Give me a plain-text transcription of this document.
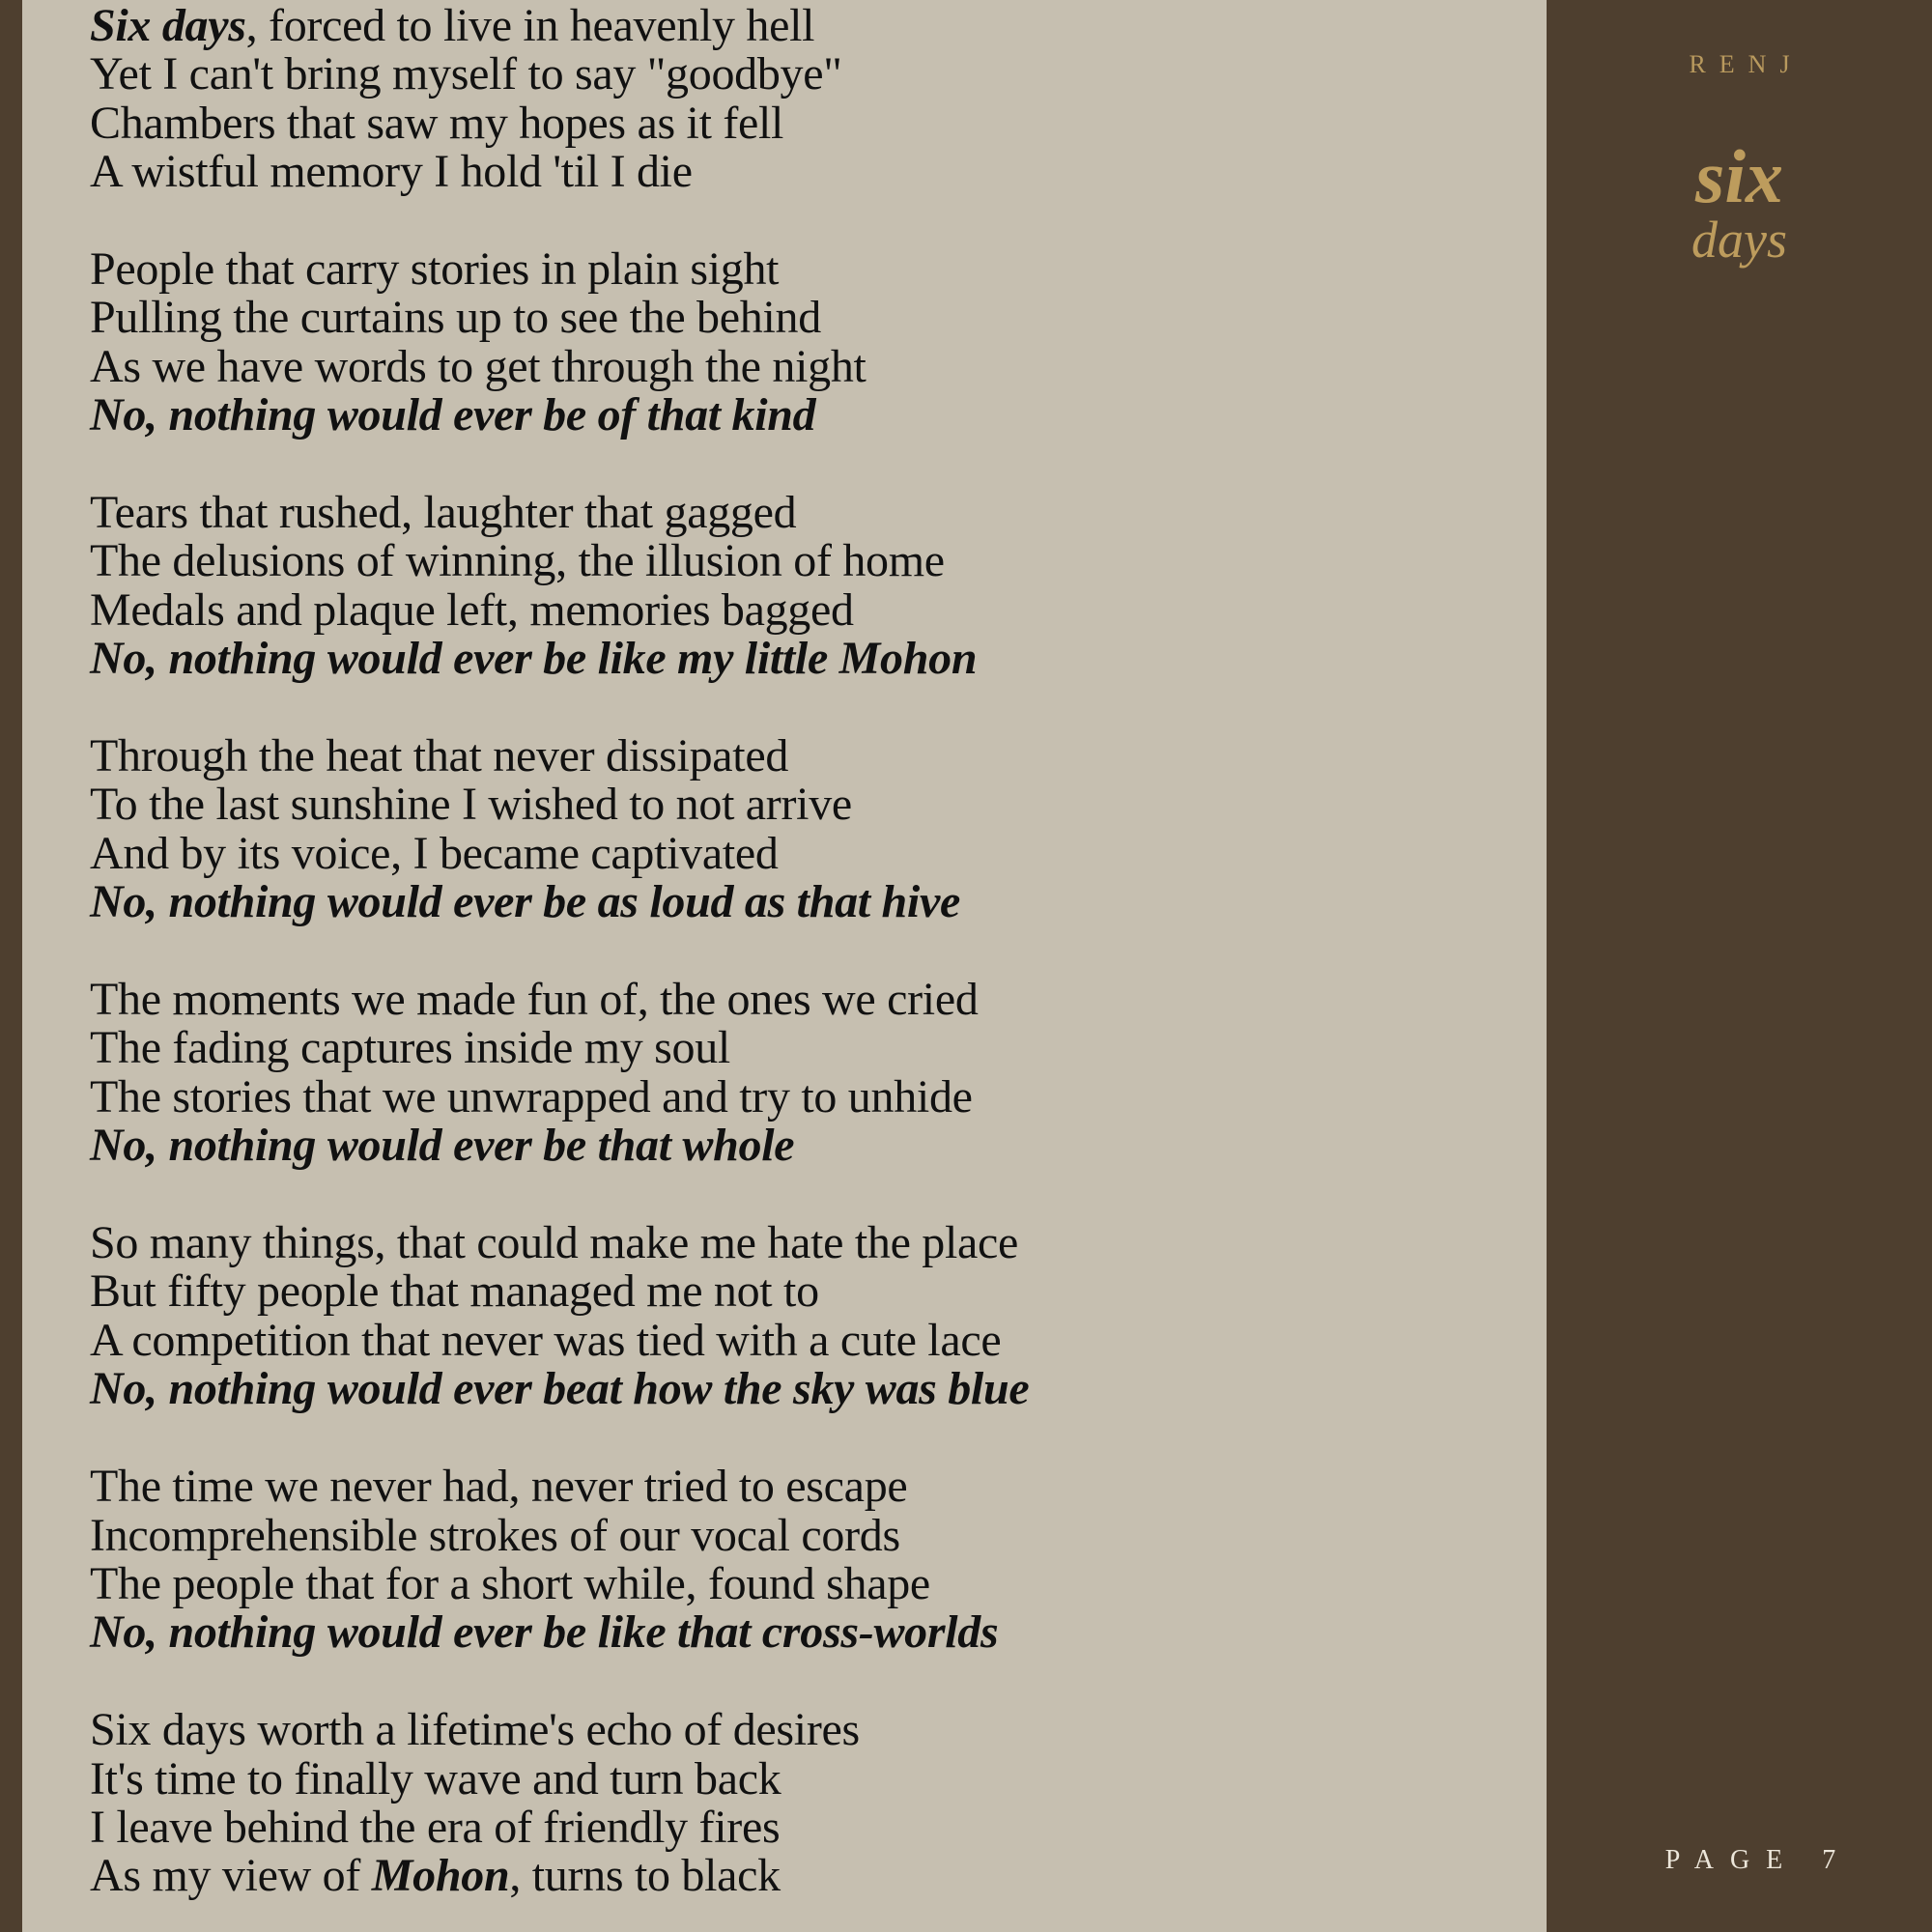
Six days, forced to live in heavenly hell
Yet I can't bring myself to say "goodbye"
Chambers that saw my hopes as it fell
A wistful memory I hold 'til I die
People that carry stories in plain sight
Pulling the curtains up to see the behind
As we have words to get through the night
No, nothing would ever be of that kind
Tears that rushed, laughter that gagged
The delusions of winning, the illusion of home
Medals and plaque left, memories bagged
No, nothing would ever be like my little Mohon
Through the heat that never dissipated
To the last sunshine I wished to not arrive
And by its voice, I became captivated
No, nothing would ever be as loud as that hive
The moments we made fun of, the ones we cried
The fading captures inside my soul
The stories that we unwrapped and try to unhide
No, nothing would ever be that whole
So many things, that could make me hate the place
But fifty people that managed me not to
A competition that never was tied with a cute lace
No, nothing would ever beat how the sky was blue
The time we never had, never tried to escape
Incomprehensible strokes of our vocal cords
The people that for a short while, found shape
No, nothing would ever be like that cross-worlds
Six days worth a lifetime's echo of desires
It's time to finally wave and turn back
I leave behind the era of friendly fires
As my view of Mohon, turns to black
RENJ
six
days
PAGE 7
